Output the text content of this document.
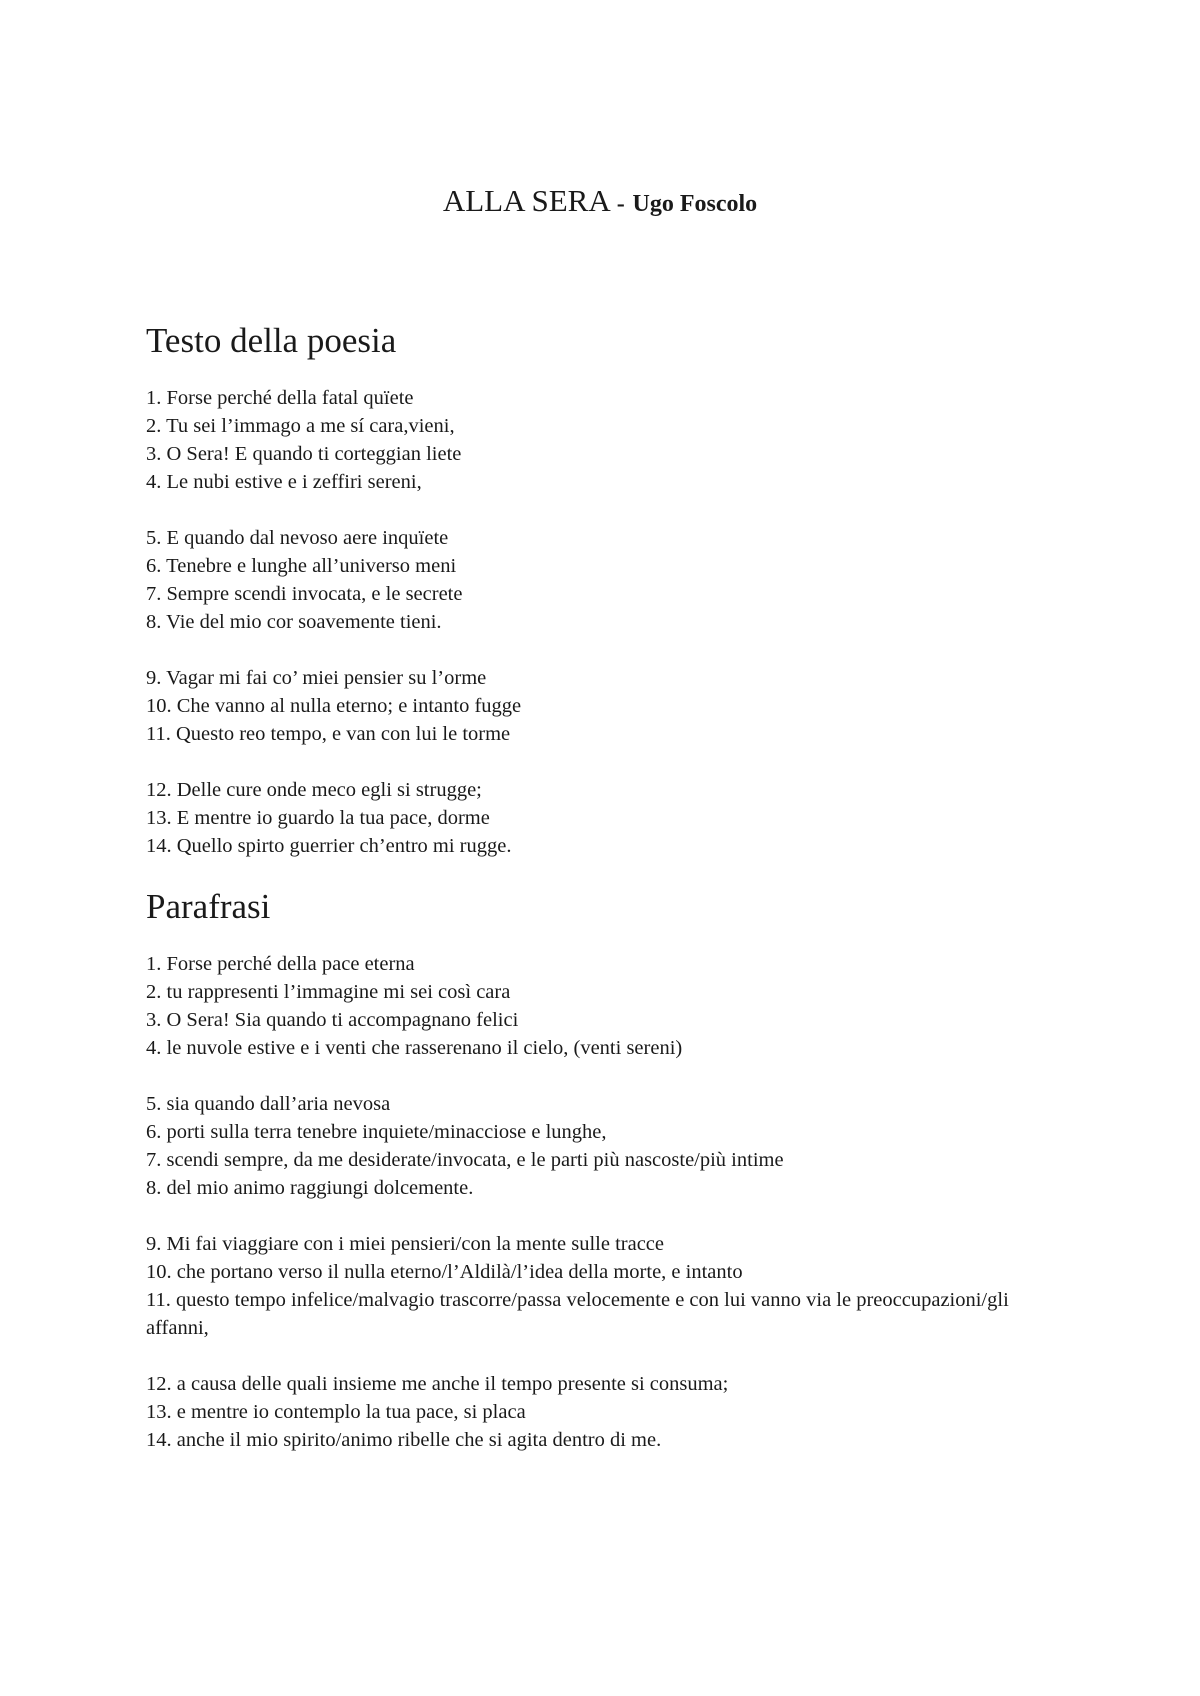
ALLA SERA - Ugo Foscolo
Testo della poesia
1. Forse perché della fatal quïete
2. Tu sei l’immago a me sí cara,vieni,
3. O Sera! E quando ti corteggian liete
4. Le nubi estive e i zeffiri sereni,
5. E quando dal nevoso aere inquïete
6. Tenebre e lunghe all’universo meni
7. Sempre scendi invocata, e le secrete
8. Vie del mio cor soavemente tieni.
9. Vagar mi fai co’ miei pensier su l’orme
10. Che vanno al nulla eterno; e intanto fugge
11. Questo reo tempo, e van con lui le torme
12. Delle cure onde meco egli si strugge;
13. E mentre io guardo la tua pace, dorme
14. Quello spirto guerrier ch’entro mi rugge.
Parafrasi
1. Forse perché della pace eterna
2. tu rappresenti l’immagine mi sei così cara
3. O Sera! Sia quando ti accompagnano felici
4. le nuvole estive e i venti che rasserenano il cielo, (venti sereni)
5. sia quando dall’aria nevosa
6. porti sulla terra tenebre inquiete/minacciose e lunghe,
7. scendi sempre, da me desiderate/invocata, e le parti più nascoste/più intime
8. del mio animo raggiungi dolcemente.
9. Mi fai viaggiare con i miei pensieri/con la mente sulle tracce
10. che portano verso il nulla eterno/l’Aldilà/l’idea della morte, e intanto
11. questo tempo infelice/malvagio trascorre/passa velocemente e con lui vanno via le preoccupazioni/gli affanni,
12. a causa delle quali insieme me anche il tempo presente si consuma;
13. e mentre io contemplo la tua pace, si placa
14. anche il mio spirito/animo ribelle che si agita dentro di me.
